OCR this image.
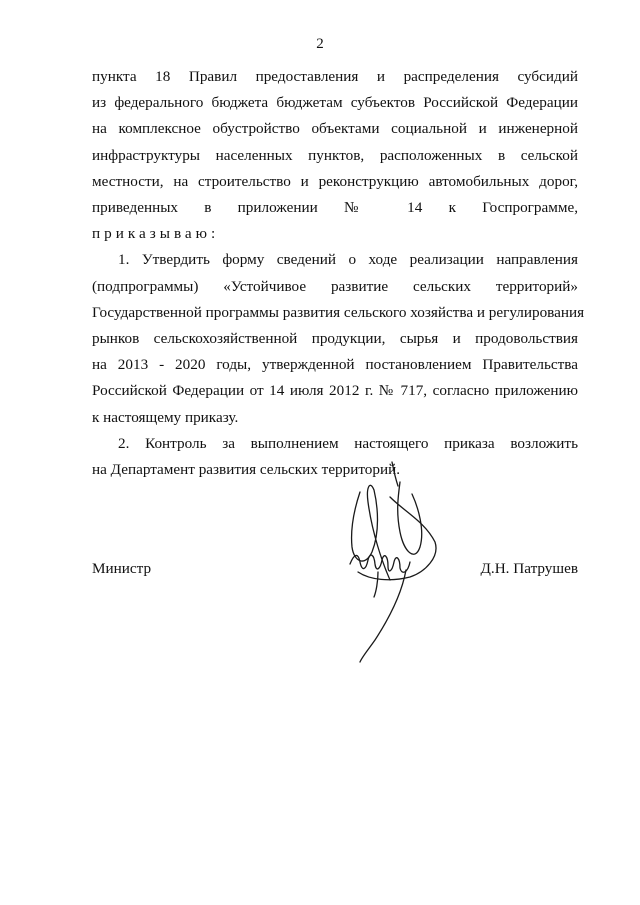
2
пункта 18 Правил предоставления и распределения субсидий
из федерального бюджета бюджетам субъектов Российской Федерации
на комплексное обустройство объектами социальной и инженерной
инфраструктуры населенных пунктов, расположенных в сельской
местности, на строительство и реконструкцию автомобильных дорог,
приведенных в приложении № 14 к Госпрограмме,
приказываю:
1. Утвердить форму сведений о ходе реализации направления
(подпрограммы) «Устойчивое развитие сельских территорий»
Государственной программы развития сельского хозяйства и регулирования
рынков сельскохозяйственной продукции, сырья и продовольствия
на 2013 - 2020 годы, утвержденной постановлением Правительства
Российской Федерации от 14 июля 2012 г. № 717, согласно приложению
к настоящему приказу.
2. Контроль за выполнением настоящего приказа возложить
на Департамент развития сельских территорий.
Министр	Д.Н. Патрушев
